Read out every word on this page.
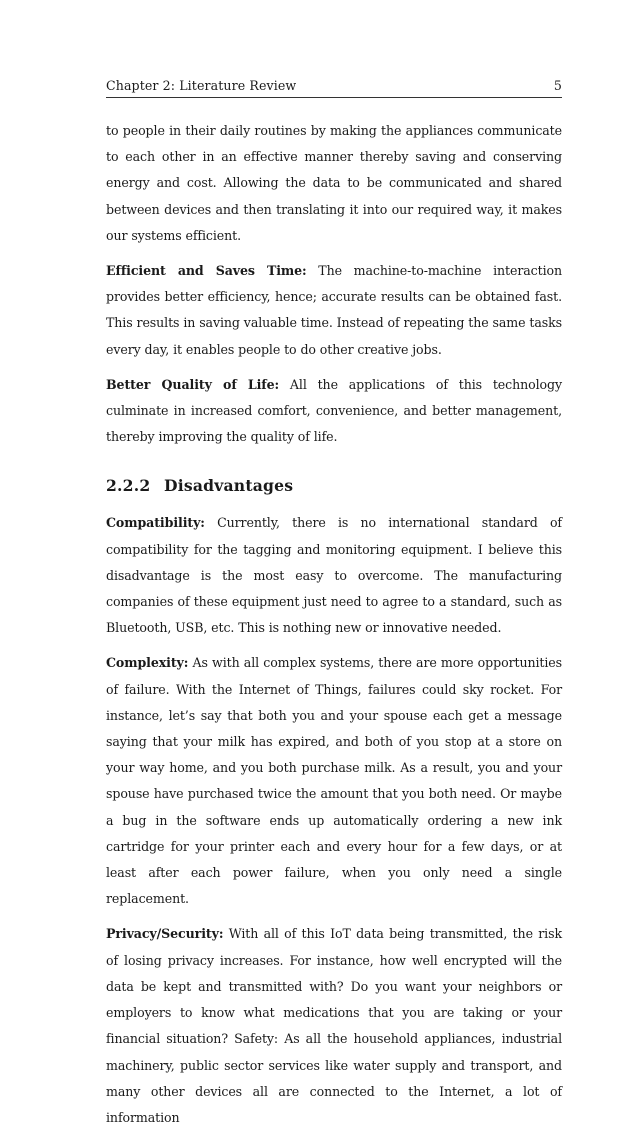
Chapter 2: Literature Review	5

to people in their daily routines by making the appliances communicate to each other in an effective manner thereby saving and conserving energy and cost. Allowing the data to be communicated and shared between devices and then translating it into our required way, it makes our systems efficient.

Efficient and Saves Time: The machine-to-machine interaction provides better efficiency, hence; accurate results can be obtained fast. This results in saving valuable time. Instead of repeating the same tasks every day, it enables people to do other creative jobs.

Better Quality of Life: All the applications of this technology culminate in increased comfort, convenience, and better management, thereby improving the quality of life.

2.2.2 Disadvantages

Compatibility: Currently, there is no international standard of compatibility for the tagging and monitoring equipment. I believe this disadvantage is the most easy to overcome. The manufacturing companies of these equipment just need to agree to a standard, such as Bluetooth, USB, etc. This is nothing new or innovative needed.

Complexity: As with all complex systems, there are more opportunities of failure. With the Internet of Things, failures could sky rocket. For instance, let’s say that both you and your spouse each get a message saying that your milk has expired, and both of you stop at a store on your way home, and you both purchase milk. As a result, you and your spouse have purchased twice the amount that you both need. Or maybe a bug in the software ends up automatically ordering a new ink cartridge for your printer each and every hour for a few days, or at least after each power failure, when you only need a single replacement.

Privacy/Security: With all of this IoT data being transmitted, the risk of losing privacy increases. For instance, how well encrypted will the data be kept and transmitted with? Do you want your neighbors or employers to know what medications that you are taking or your financial situation? Safety: As all the household appliances, industrial machinery, public sector services like water supply and transport, and many other devices all are connected to the Internet, a lot of information
